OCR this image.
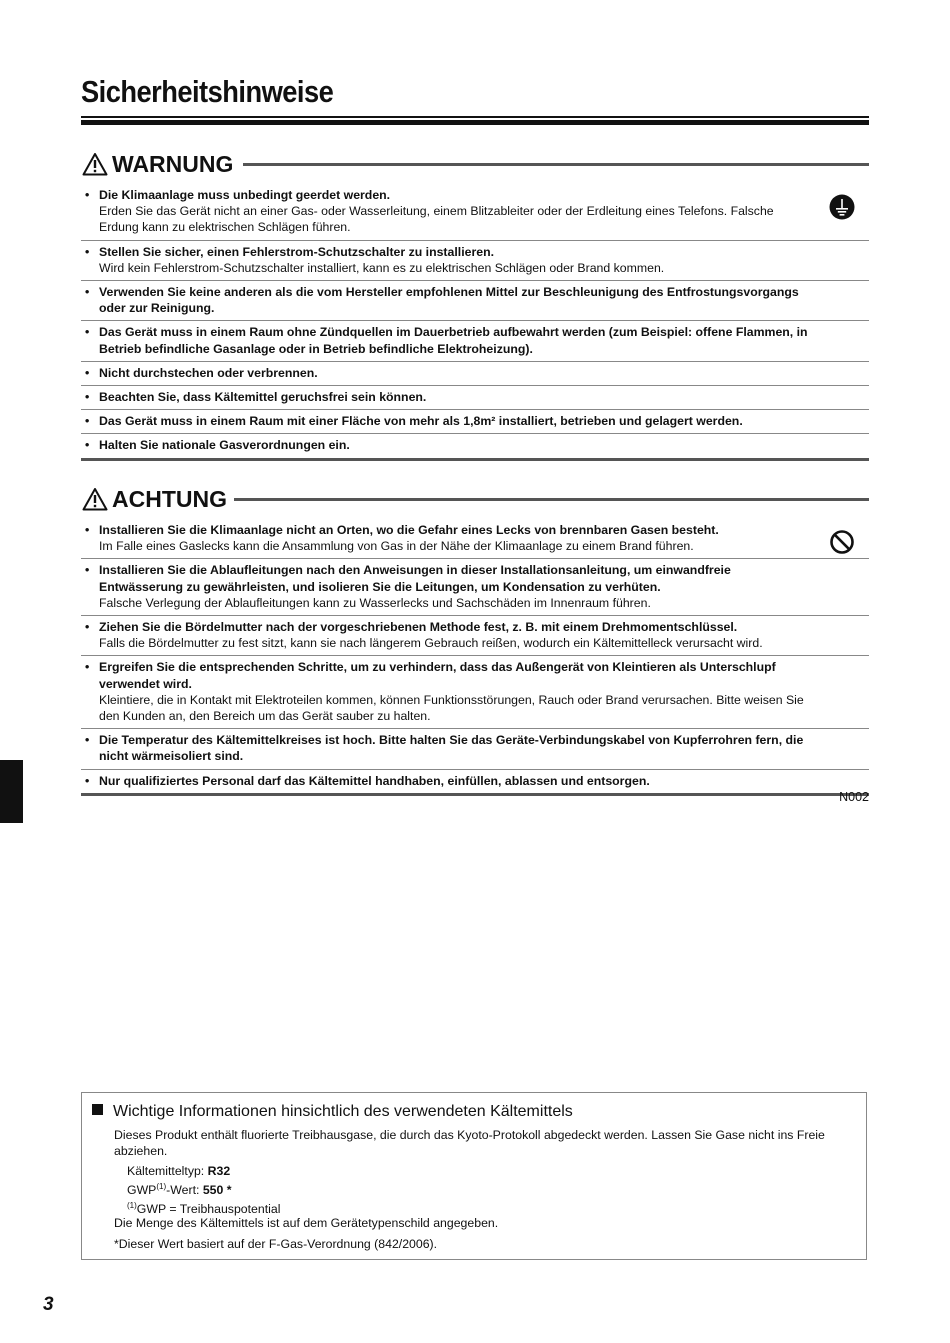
Sicherheitshinweise
WARNUNG
• Die Klimaanlage muss unbedingt geerdet werden.
Erden Sie das Gerät nicht an einer Gas- oder Wasserleitung, einem Blitzableiter oder der Erdleitung eines Telefons. Falsche Erdung kann zu elektrischen Schlägen führen.
• Stellen Sie sicher, einen Fehlerstrom-Schutzschalter zu installieren.
Wird kein Fehlerstrom-Schutzschalter installiert, kann es zu elektrischen Schlägen oder Brand kommen.
• Verwenden Sie keine anderen als die vom Hersteller empfohlenen Mittel zur Beschleunigung des Entfrostungsvorgangs oder zur Reinigung.
• Das Gerät muss in einem Raum ohne Zündquellen im Dauerbetrieb aufbewahrt werden (zum Beispiel: offene Flammen, in Betrieb befindliche Gasanlage oder in Betrieb befindliche Elektroheizung).
• Nicht durchstechen oder verbrennen.
• Beachten Sie, dass Kältemittel geruchsfrei sein können.
• Das Gerät muss in einem Raum mit einer Fläche von mehr als 1,8m² installiert, betrieben und gelagert werden.
• Halten Sie nationale Gasverordnungen ein.
ACHTUNG
• Installieren Sie die Klimaanlage nicht an Orten, wo die Gefahr eines Lecks von brennbaren Gasen besteht.
Im Falle eines Gaslecks kann die Ansammlung von Gas in der Nähe der Klimaanlage zu einem Brand führen.
• Installieren Sie die Ablaufleitungen nach den Anweisungen in dieser Installationsanleitung, um einwandfreie Entwässerung zu gewährleisten, und isolieren Sie die Leitungen, um Kondensation zu verhüten.
Falsche Verlegung der Ablaufleitungen kann zu Wasserlecks und Sachschäden im Innenraum führen.
• Ziehen Sie die Bördelmutter nach der vorgeschriebenen Methode fest, z. B. mit einem Drehmomentschlüssel.
Falls die Bördelmutter zu fest sitzt, kann sie nach längerem Gebrauch reißen, wodurch ein Kältemittelleck verursacht wird.
• Ergreifen Sie die entsprechenden Schritte, um zu verhindern, dass das Außengerät von Kleintieren als Unterschlupf verwendet wird.
Kleintiere, die in Kontakt mit Elektroteilen kommen, können Funktionsstörungen, Rauch oder Brand verursachen. Bitte weisen Sie den Kunden an, den Bereich um das Gerät sauber zu halten.
• Die Temperatur des Kältemittelkreises ist hoch. Bitte halten Sie das Geräte-Verbindungskabel von Kupferrohren fern, die nicht wärmeisoliert sind.
• Nur qualifiziertes Personal darf das Kältemittel handhaben, einfüllen, ablassen und entsorgen.
N002
Wichtige Informationen hinsichtlich des verwendeten Kältemittels

Dieses Produkt enthält fluorierte Treibhausgase, die durch das Kyoto-Protokoll abgedeckt werden. Lassen Sie Gase nicht ins Freie abziehen.

Kältemitteltyp: R32

GWP$^{(1)}$-Wert: 550 *

$^{(1)}$GWP = Treibhauspotential

Die Menge des Kältemittels ist auf dem Gerätetypenschild angegeben.

*Dieser Wert basiert auf der F-Gas-Verordnung (842/2006).

3
